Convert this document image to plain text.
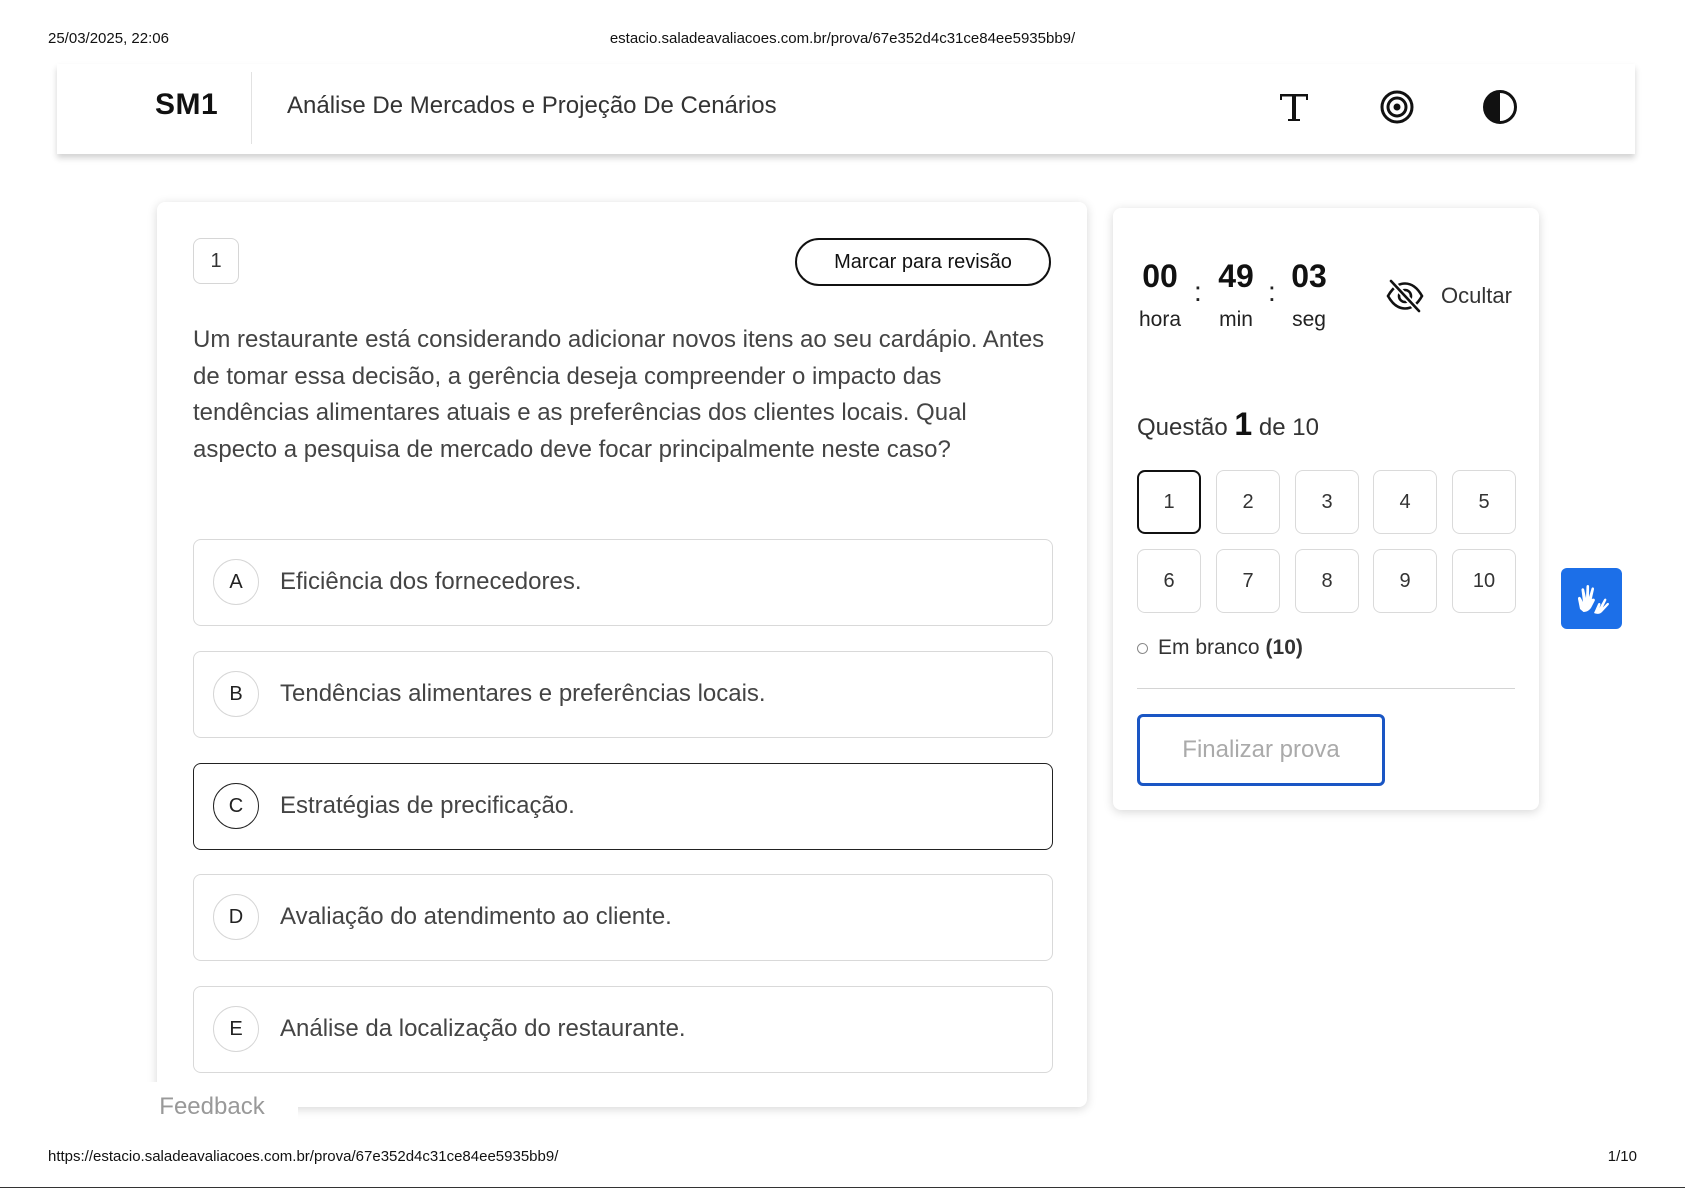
25/03/2025, 22:06	estacio.saladeavaliacoes.com.br/prova/67e352d4c31ce84ee5935bb9/
SM1	Análise De Mercados e Projeção De Cenários
1	Marcar para revisão
Um restaurante está considerando adicionar novos itens ao seu cardápio. Antes de tomar essa decisão, a gerência deseja compreender o impacto das tendências alimentares atuais e as preferências dos clientes locais. Qual aspecto a pesquisa de mercado deve focar principalmente neste caso?
A	Eficiência dos fornecedores.
B	Tendências alimentares e preferências locais.
C	Estratégias de precificação.
D	Avaliação do atendimento ao cliente.
E	Análise da localização do restaurante.
Feedback
00 : 49 : 03
hora	min	seg
Ocultar
Questão 1 de 10
1	2	3	4	5
6	7	8	9	10
Em branco (10)
Finalizar prova
https://estacio.saladeavaliacoes.com.br/prova/67e352d4c31ce84ee5935bb9/	1/10
